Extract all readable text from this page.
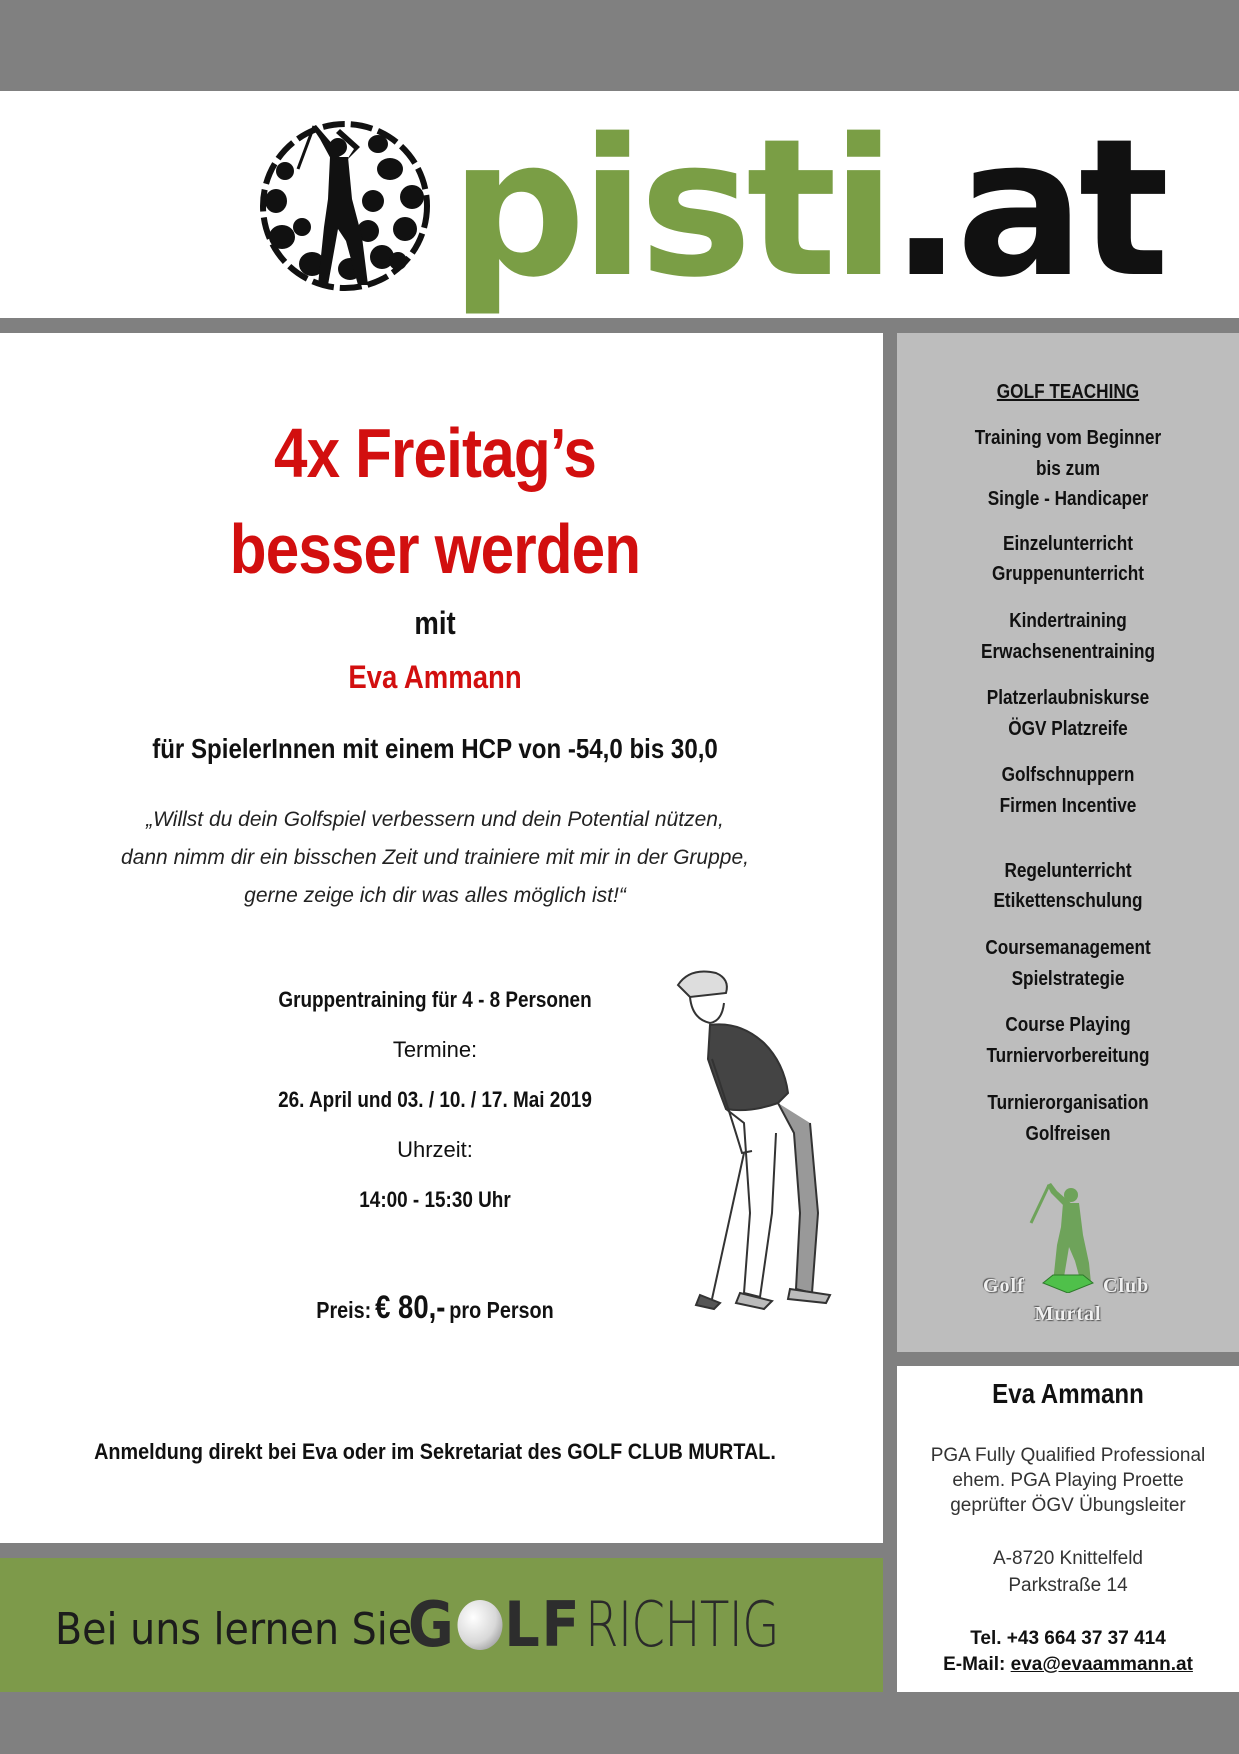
pisti.at
4x Freitag’s
besser werden
mit
Eva Ammann
für SpielerInnen mit einem HCP von -54,0 bis 30,0
„Willst du dein Golfspiel verbessern und dein Potential nützen,
dann nimm dir ein bisschen Zeit und trainiere mit mir in der Gruppe,
gerne zeige ich dir was alles möglich ist!“
Gruppentraining für 4 - 8 Personen
Termine:
26. April und 03. / 10. / 17. Mai 2019
Uhrzeit:
14:00 - 15:30 Uhr
Preis: € 80,- pro Person
Anmeldung direkt bei Eva oder im Sekretariat des GOLF CLUB MURTAL.
Bei uns lernen Sie
G LF RICHTIG
GOLF TEACHING
Training vom Beginner
bis zum
Single - Handicaper
Einzelunterricht
Gruppenunterricht
Kindertraining
Erwachsenentraining
Platzerlaubniskurse
ÖGV Platzreife
Golfschnuppern
Firmen Incentive
Regelunterricht
Etikettenschulung
Coursemanagement
Spielstrategie
Course Playing
Turniervorbereitung
Turnierorganisation
Golfreisen
Golf	Club
Murtal
Eva Ammann
PGA Fully Qualified Professional
ehem. PGA Playing Proette
geprüfter ÖGV Übungsleiter
A-8720 Knittelfeld
Parkstraße 14
Tel. +43 664 37 37 414
E-Mail: eva@evaammann.at
